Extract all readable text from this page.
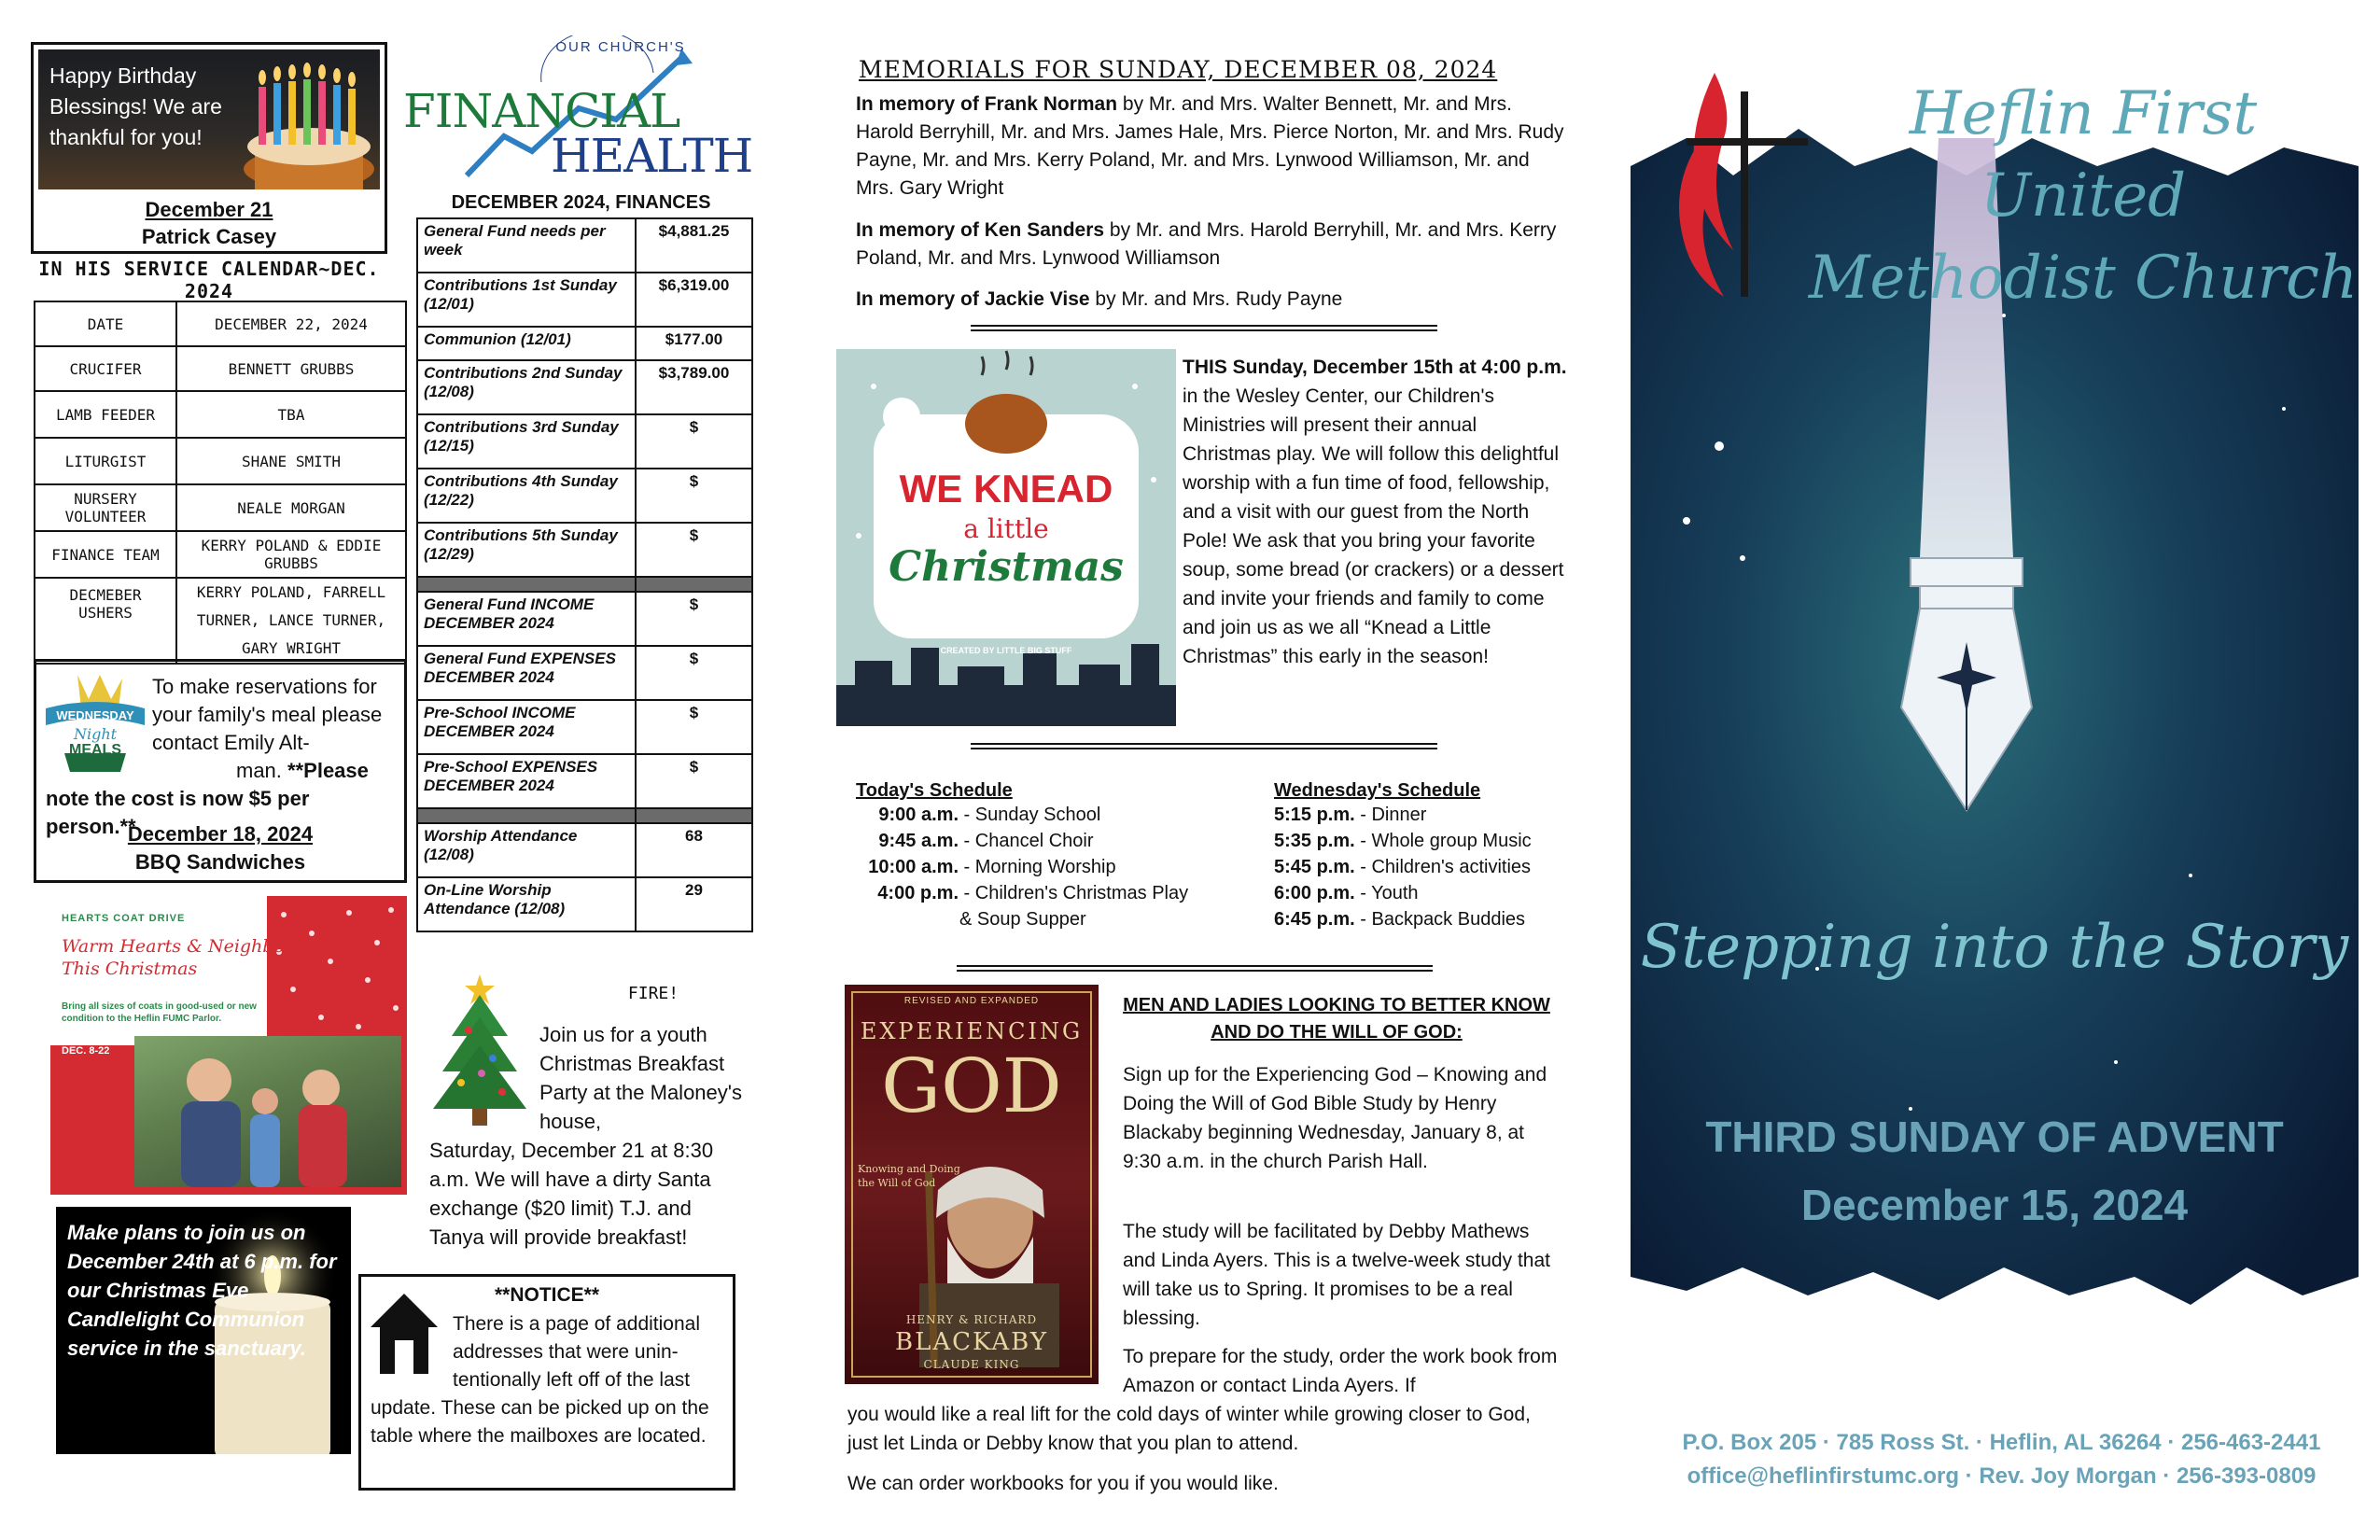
Happy Birthday Blessings! We are thankful for you!
December 21
Patrick Casey
IN HIS SERVICE CALENDAR~DEC. 2024
DATE	DECEMBER 22, 2024
CRUCIFER	BENNETT GRUBBS
LAMB FEEDER	TBA
LITURGIST	SHANE SMITH
NURSERY VOLUNTEER	NEALE MORGAN
FINANCE TEAM	KERRY POLAND & EDDIE GRUBBS
DECMEBER USHERS	KERRY POLAND, FARRELL TURNER, LANCE TURNER, GARY WRIGHT
WEDNESDAY
Night
MEALS
To make reservations for your family's meal please contact Emily Alt-
man. **Please note the cost is now $5 per person.**
December 18, 2024
BBQ Sandwiches
HEARTS COAT DRIVE
Warm Hearts & Neighbors This Christmas
Bring all sizes of coats in good-used or new condition to the Heflin FUMC Parlor.
DEC. 8-22
Make plans to join us on December 24th at 6 p.m. for our Christmas Eve Candlelight Communion service in the sanctuary.
OUR CHURCH'S
FINANCIAL
HEALTH
DECEMBER 2024, FINANCES
General Fund needs per week	$4,881.25
Contributions 1st Sunday (12/01)	$6,319.00
Communion (12/01)	$177.00
Contributions 2nd Sunday (12/08)	$3,789.00
Contributions 3rd Sunday (12/15)	$
Contributions 4th Sunday (12/22)	$
Contributions 5th Sunday (12/29)	$

General Fund INCOME DECEMBER 2024	$
General Fund EXPENSES DECEMBER 2024	$
Pre-School INCOME DECEMBER 2024	$
Pre-School EXPENSES DECEMBER 2024	$

Worship Attendance (12/08)	68
On-Line Worship Attendance (12/08)	29
FIRE!
Join us for a youth Christmas Breakfast Party at the Maloney's house,
Saturday, December 21 at 8:30 a.m. We will have a dirty Santa exchange ($20 limit) T.J. and Tanya will provide breakfast!
**NOTICE**
There is a page of additional addresses that were unin-tentionally left off of the last
update. These can be picked up on the table where the mailboxes are located.
MEMORIALS FOR SUNDAY, DECEMBER 08, 2024
In memory of Frank Norman by Mr. and Mrs. Walter Bennett, Mr. and Mrs. Harold Berryhill, Mr. and Mrs. James Hale, Mrs. Pierce Norton, Mr. and Mrs. Rudy Payne, Mr. and Mrs. Kerry Poland, Mr. and Mrs. Lynwood Williamson, Mr. and Mrs. Gary Wright
In memory of Ken Sanders by Mr. and Mrs. Harold Berryhill, Mr. and Mrs. Kerry Poland, Mr. and Mrs. Lynwood Williamson
In memory of Jackie Vise by Mr. and Mrs. Rudy Payne
WE KNEAD
a little
Christmas
Fresh Baked from Bethlehem, the House of Bread
CREATED BY LITTLE BIG STUFF
THIS Sunday, December 15th at 4:00 p.m. in the Wesley Center, our Children's Ministries will present their annual Christmas play. We will follow this delightful worship with a fun time of food, fellowship, and a visit with our guest from the North Pole! We ask that you bring your favorite soup, some bread (or crackers) or a dessert and invite your friends and family to come and join us as we all “Knead a Little Christmas” this early in the season!
Today's Schedule
9:00 a.m. - Sunday School
9:45 a.m. - Chancel Choir
10:00 a.m. - Morning Worship
4:00 p.m. - Children's Christmas Play
& Soup Supper
Wednesday's Schedule
5:15 p.m. - Dinner
5:35 p.m. - Whole group Music
5:45 p.m. - Children's activities
6:00 p.m. - Youth
6:45 p.m. - Backpack Buddies
REVISED AND EXPANDED
EXPERIENCING
GOD
Knowing and Doing the Will of God
HENRY & RICHARD
BLACKABY
CLAUDE KING
MEN AND LADIES LOOKING TO BETTER KNOW AND DO THE WILL OF GOD:
Sign up for the Experiencing God – Knowing and Doing the Will of God Bible Study by Henry Blackaby beginning Wednesday, January 8, at 9:30 a.m. in the church Parish Hall.
The study will be facilitated by Debby Mathews and Linda Ayers. This is a twelve-week study that will take us to Spring. It promises to be a real blessing.
To prepare for the study, order the work book from Amazon or contact Linda Ayers. If
you would like a real lift for the cold days of winter while growing closer to God, just let Linda or Debby know that you plan to attend.
We can order workbooks for you if you would like.
Heflin First United
Methodist Church
Stepping into the Story
THIRD SUNDAY OF ADVENT
December 15, 2024
P.O. Box 205 · 785 Ross St. · Heflin, AL 36264 · 256-463-2441
office@heflinfirstumc.org · Rev. Joy Morgan · 256-393-0809
